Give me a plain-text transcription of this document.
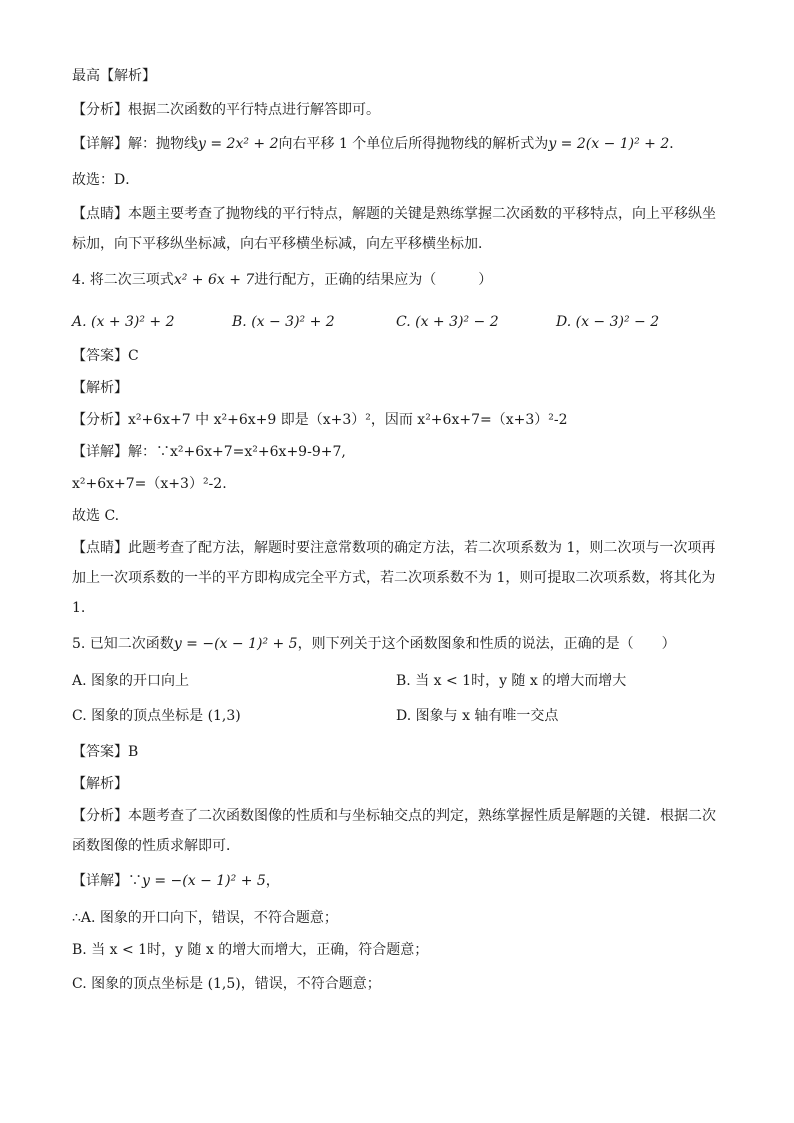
最高【解析】
【分析】根据二次函数的平行特点进行解答即可。
【详解】解：抛物线y = 2x² + 2向右平移 1 个单位后所得抛物线的解析式为y = 2(x − 1)² + 2．
故选：D．
【点睛】本题主要考查了抛物线的平行特点，解题的关键是熟练掌握二次函数的平移特点，向上平移纵坐
标加，向下平移纵坐标减，向右平移横坐标减，向左平移横坐标加．
4. 将二次三项式x² + 6x + 7进行配方，正确的结果应为（　　　）
A. (x + 3)² + 2	B. (x − 3)² + 2	C. (x + 3)² − 2	D. (x − 3)² − 2
【答案】C
【解析】
【分析】x²+6x+7 中 x²+6x+9 即是（x+3）²，因而 x²+6x+7=（x+3）²-2
【详解】解：∵x²+6x+7=x²+6x+9-9+7,
x²+6x+7=（x+3）²-2.
故选 C.
【点睛】此题考查了配方法，解题时要注意常数项的确定方法，若二次项系数为 1，则二次项与一次项再
加上一次项系数的一半的平方即构成完全平方式，若二次项系数不为 1，则可提取二次项系数，将其化为
1.
5. 已知二次函数y = −(x − 1)² + 5，则下列关于这个函数图象和性质的说法，正确的是（　　）
A. 图象的开口向上	B. 当 x < 1时，y 随 x 的增大而增大
C. 图象的顶点坐标是 (1,3)	D. 图象与 x 轴有唯一交点
【答案】B
【解析】
【分析】本题考查了二次函数图像的性质和与坐标轴交点的判定，熟练掌握性质是解题的关键．根据二次
函数图像的性质求解即可．
【详解】∵y = −(x − 1)² + 5，
∴A. 图象的开口向下，错误，不符合题意；
B. 当 x < 1时，y 随 x 的增大而增大，正确，符合题意；
C. 图象的顶点坐标是 (1,5)，错误，不符合题意；
